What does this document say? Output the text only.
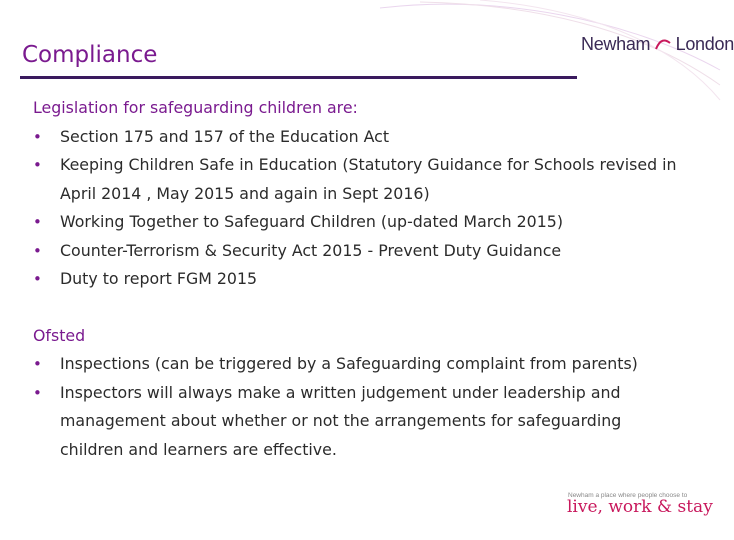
Newham London
Compliance
Legislation for safeguarding children are:
• Section 175 and 157 of the Education Act
• Keeping Children Safe in Education (Statutory Guidance for Schools revised in April 2014 , May 2015 and again in Sept 2016)
• Working Together to Safeguard Children (up-dated March 2015)
• Counter-Terrorism & Security Act 2015 - Prevent Duty Guidance
• Duty to report FGM 2015
Ofsted
• Inspections (can be triggered by a Safeguarding complaint from parents)
• Inspectors will always make a written judgement under leadership and management about whether or not the arrangements for safeguarding children and learners are effective.
Newham a place where people choose to
live, work & stay
